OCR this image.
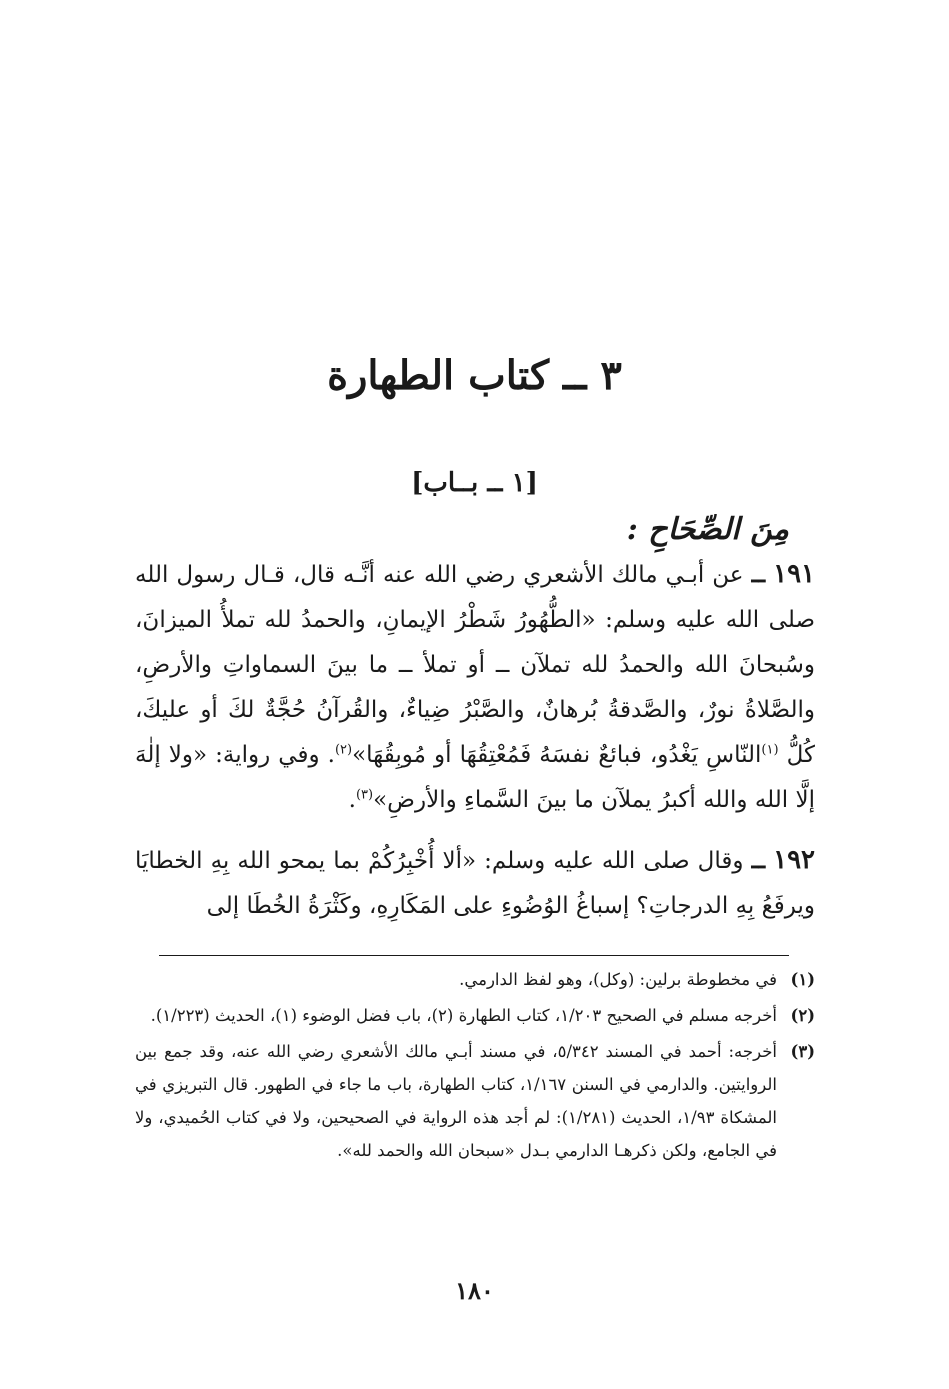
٣ ــ كتاب الطهارة
[١ ــ بــاب]
مِنَ الصِّحَاحِ :

١٩١ ــ عن أبـي مالك الأشعري رضي الله عنه أنَّـه قال، قـال رسول الله صلى الله عليه وسلم: «الطُّهُورُ شَطْرُ الإيمانِ، والحمدُ لله تملأُ الميزانَ، وسُبحانَ الله والحمدُ لله تملآن ــ أو تملأ ــ ما بينَ السماواتِ والأرضِ، والصَّلاةُ نورٌ، والصَّدقةُ بُرهانٌ، والصَّبْرُ ضِياءٌ، والقُرآنُ حُجَّةٌ لكَ أو عليكَ، كُلُّ $^{(١)}$النّاسِ يَغْدُو، فبائعٌ نفسَهُ فَمُعْتِقُهَا أو مُوبِقُهَا»$^{(٢)}$. وفي رواية: «ولا إلٰهَ إلَّا الله والله أكبرُ يملآن ما بينَ السَّماءِ والأرضِ»$^{(٣)}$.

١٩٢ ــ وقال صلى الله عليه وسلم: «ألا أُخْبِرُكُمْ بما يمحو الله بِهِ الخطايَا ويرفَعُ بِهِ الدرجاتِ؟ إسباغُ الوُضُوءِ على المَكَارِهِ، وكَثْرَةُ الخُطَا إلى

(١)
في مخطوطة برلين: (وكل)، وهو لفظ الدارمي.
(٢)
أخرجه مسلم في الصحيح ١/٢٠٣، كتاب الطهارة (٢)، باب فضل الوضوء (١)، الحديث (١/٢٢٣).
(٣)
أخرجه: أحمد في المسند ٥/٣٤٢، في مسند أبـي مالك الأشعري رضي الله عنه، وقد جمع بين الروايتين. والدارمي في السنن ١/١٦٧، كتاب الطهارة، باب ما جاء في الطهور. قال التبريزي في المشكاة ١/٩٣، الحديث (١/٢٨١): لم أجد هذه الرواية في الصحيحين، ولا في كتاب الحُميدي، ولا في الجامع، ولكن ذكرهـا الدارمي بـدل «سبحان الله والحمد لله».
١٨٠
